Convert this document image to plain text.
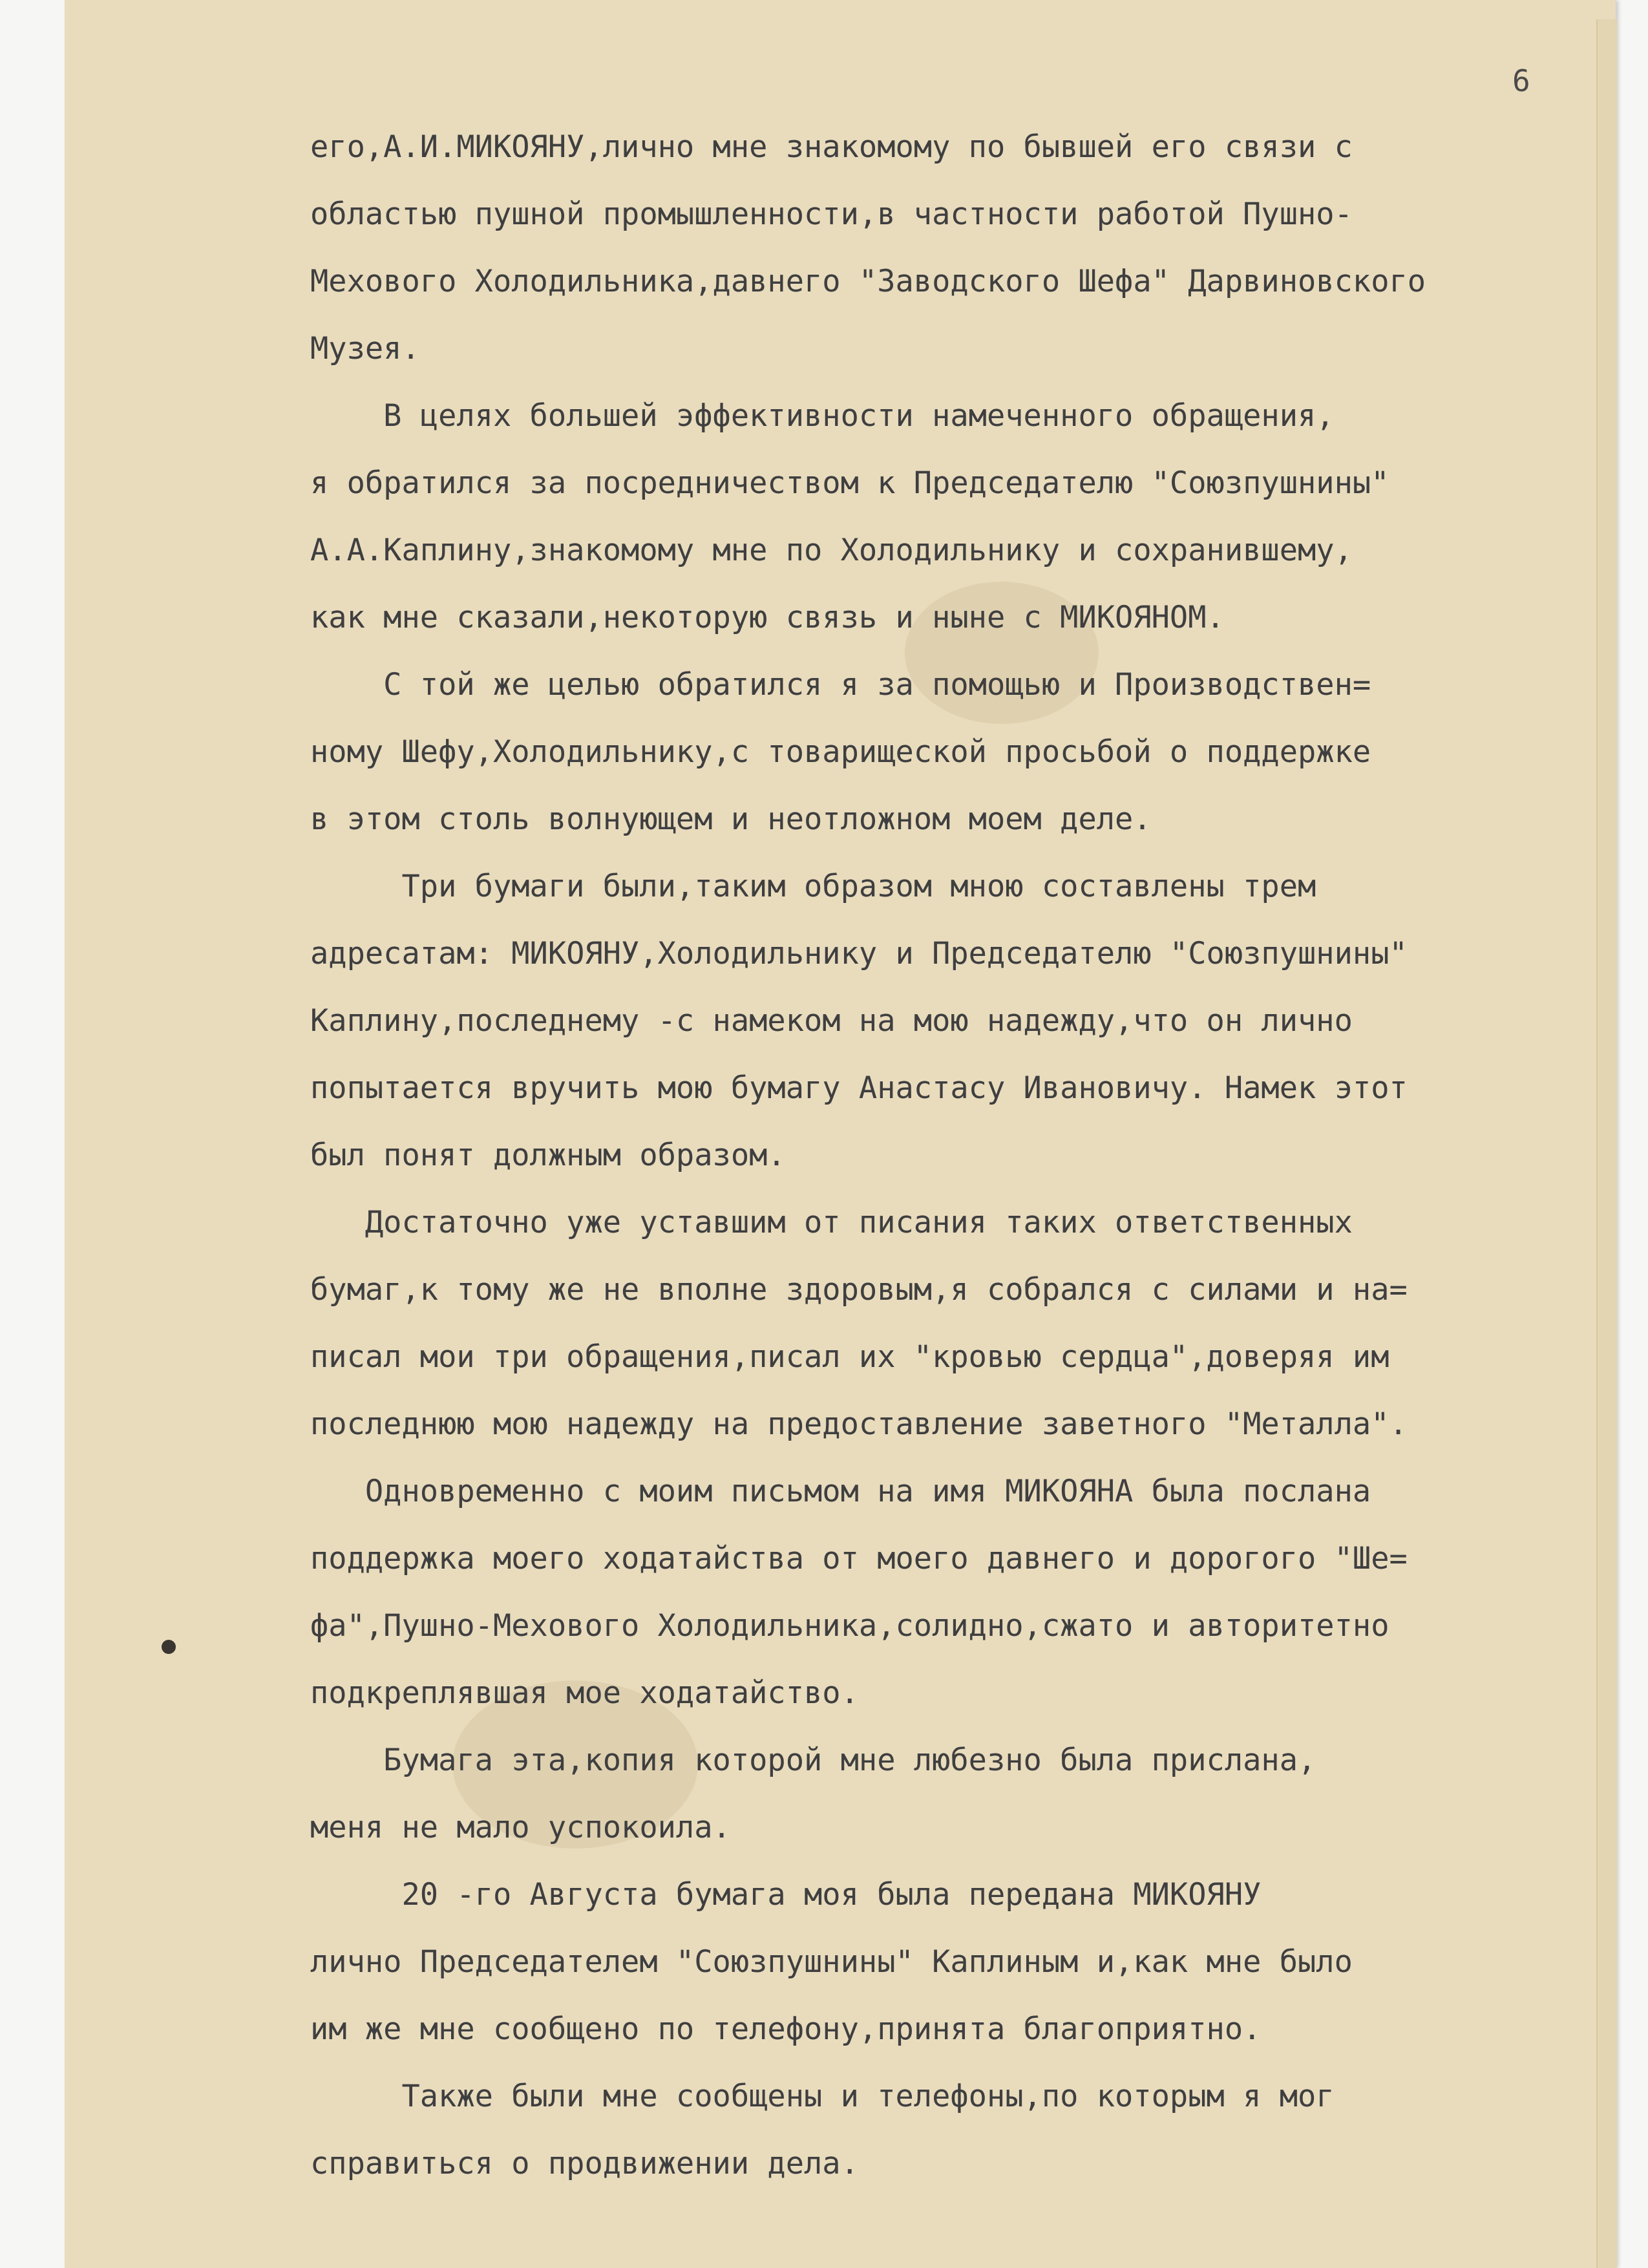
6
его,А.И.МИКОЯНУ,лично мне знакомому по бывшей его связи с
областью пушной промышленности,в частности работой Пушно-
Мехового Холодильника,давнего "Заводского Шефа" Дарвиновского
Музея.
В целях большей эффективности намеченного обращения,
я обратился за посредничеством к Председателю "Союзпушнины"
А.А.Каплину,знакомому мне по Холодильнику и сохранившему,
как мне сказали,некоторую связь и ныне с МИКОЯНОМ.
С той же целью обратился я за помощью и Производствен=
ному Шефу,Холодильнику,с товарищеской просьбой о поддержке
в этом столь волнующем и неотложном моем деле.
Три бумаги были,таким образом мною составлены трем
адресатам: МИКОЯНУ,Холодильнику и Председателю "Союзпушнины"
Каплину,последнему -с намеком на мою надежду,что он лично
попытается вручить мою бумагу Анастасу Ивановичу. Намек этот
был понят должным образом.
Достаточно уже уставшим от писания таких ответственных
бумаг,к тому же не вполне здоровым,я собрался с силами и на=
писал мои три обращения,писал их "кровью сердца",доверяя им
последнюю мою надежду на предоставление заветного "Металла".
Одновременно с моим письмом на имя МИКОЯНА была послана
поддержка моего ходатайства от моего давнего и дорогого "Ше=
фа",Пушно-Мехового Холодильника,солидно,сжато и авторитетно
подкреплявшая мое ходатайство.
Бумага эта,копия которой мне любезно была прислана,
меня не мало успокоила.
20 -го Августа бумага моя была передана МИКОЯНУ
лично Председателем "Союзпушнины" Каплиным и,как мне было
им же мне сообщено по телефону,принята благоприятно.
Также были мне сообщены и телефоны,по которым я мог
справиться о продвижении дела.
